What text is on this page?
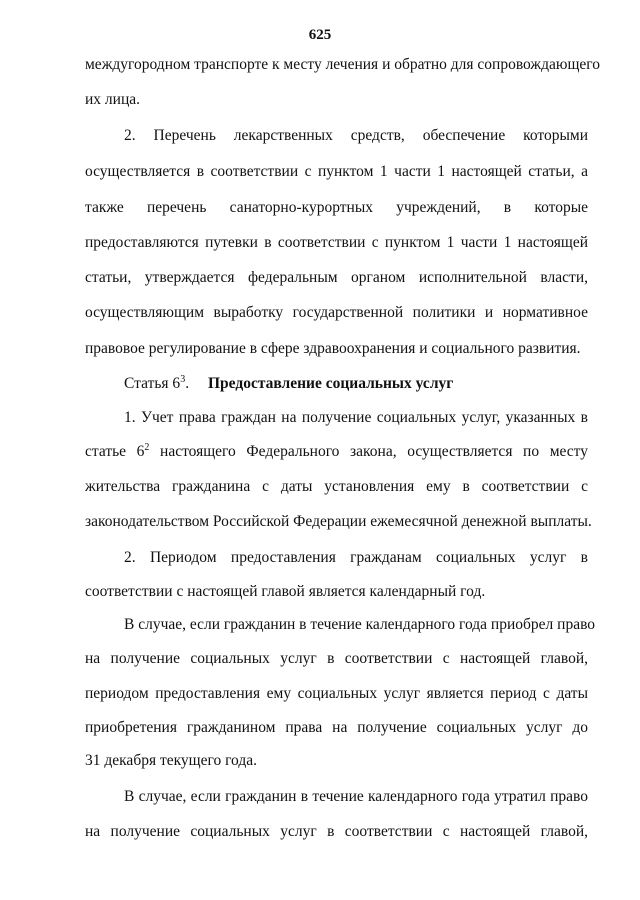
625
междугородном транспорте к месту лечения и обратно для сопровождающего
их лица.
2. Перечень лекарственных средств, обеспечение которыми
осуществляется в соответствии с пунктом 1 части 1 настоящей статьи, а
также перечень санаторно-курортных учреждений, в которые
предоставляются путевки в соответствии с пунктом 1 части 1 настоящей
статьи, утверждается федеральным органом исполнительной власти,
осуществляющим выработку государственной политики и нормативное
правовое регулирование в сфере здравоохранения и социального развития.
Статья $6^3$. Предоставление социальных услуг
1. Учет права граждан на получение социальных услуг, указанных в
статье $6^2$ настоящего Федерального закона, осуществляется по месту
жительства гражданина с даты установления ему в соответствии с
законодательством Российской Федерации ежемесячной денежной выплаты.
2. Периодом предоставления гражданам социальных услуг в
соответствии с настоящей главой является календарный год.
В случае, если гражданин в течение календарного года приобрел право
на получение социальных услуг в соответствии с настоящей главой,
периодом предоставления ему социальных услуг является период с даты
приобретения гражданином права на получение социальных услуг до
31 декабря текущего года.
В случае, если гражданин в течение календарного года утратил право
на получение социальных услуг в соответствии с настоящей главой,
